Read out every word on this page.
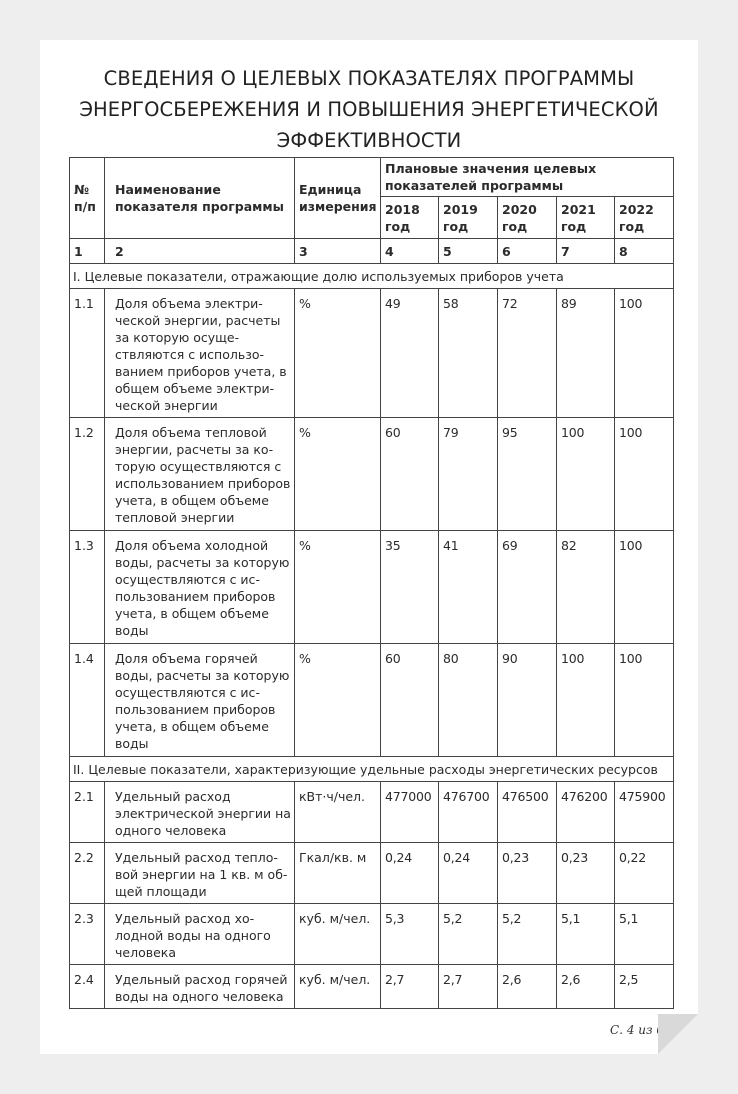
СВЕДЕНИЯ О ЦЕЛЕВЫХ ПОКАЗАТЕЛЯХ ПРОГРАММЫ
ЭНЕРГОСБЕРЕЖЕНИЯ И ПОВЫШЕНИЯ ЭНЕРГЕТИЧЕСКОЙ
ЭФФЕКТИВНОСТИ
№ п/п	Наименование показателя программы	Единица измерения	Плановые значения целевых показателей программы				
			2018 год	2019 год	2020 год	2021 год	2022 год
1	2	3	4	5	6	7	8
I. Целевые показатели, отражающие долю используемых приборов учета							
1.1	Доля объема электрической энергии, расчеты за которую осуществляются с использованием приборов учета, в общем объеме электрической энергии	%	49	58	72	89	100
1.2	Доля объема тепловой энергии, расчеты за которую осуществляются с использованием приборов учета, в общем объеме тепловой энергии	%	60	79	95	100	100
1.3	Доля объема холодной воды, расчеты за которую осуществляются с использованием приборов учета, в общем объеме воды	%	35	41	69	82	100
1.4	Доля объема горячей воды, расчеты за которую осуществляются с использованием приборов учета, в общем объеме воды	%	60	80	90	100	100
II. Целевые показатели, характеризующие удельные расходы энергетических ресурсов							
2.1	Удельный расход электрической энергии на одного человека	кВт·ч/чел.	477000	476700	476500	476200	475900
2.2	Удельный расход тепловой энергии на 1 кв. м общей площади	Гкал/кв. м	0,24	0,24	0,23	0,23	0,22
2.3	Удельный расход холодной воды на одного человека	куб. м/чел.	5,3	5,2	5,2	5,1	5,1
2.4	Удельный расход горячей воды на одного человека	куб. м/чел.	2,7	2,7	2,6	2,6	2,5
С. 4 из 6
